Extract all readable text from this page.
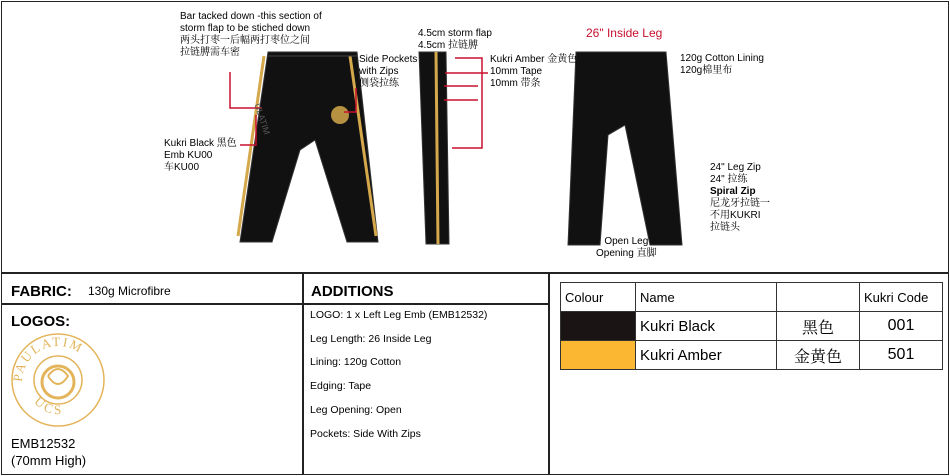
ULATIM
Bar tacked down -this section of
storm flap to be stiched down
两头打枣一后幅两打枣位之间
拉链膊需车密
Side Pockets
with Zips
侧袋拉练
Kukri Black 黑色
Emb KU00
车KU00
4.5cm storm flap
4.5cm 拉链膊
Kukri Amber 金黄色
10mm Tape
10mm 带条
26" Inside Leg
120g Cotton Lining
120g棉里布
24" Leg Zip
24" 拉练
Spiral Zip
尼龙牙拉链一
不用KUKRI
拉链头
Open Leg
Opening 直脚
FABRIC: 130g Microfibre
LOGOS:
PAULATIM
UCS
EMB12532
(70mm High)
ADDITIONS
LOGO: 1 x Left Leg Emb (EMB12532)
Leg Length: 26 Inside Leg
Lining: 120g Cotton
Edging: Tape
Leg Opening: Open
Pockets: Side With Zips
Colour	Name		Kukri Code
	Kukri Black	黑色	001
	Kukri Amber	金黄色	501
